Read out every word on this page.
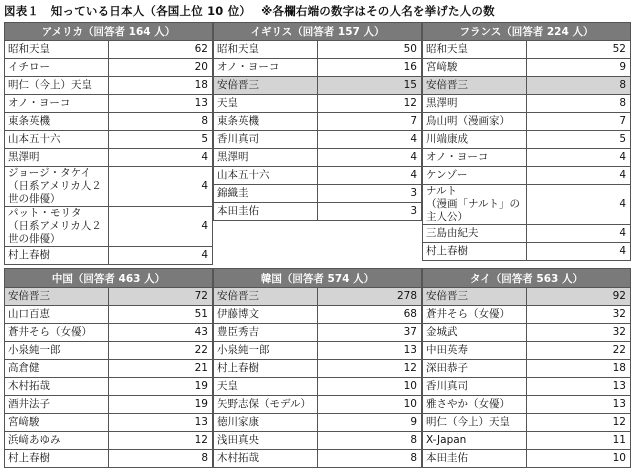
図表１　知っている日本人（各国上位 10 位） ※各欄右端の数字はその人名を挙げた人の数
アメリカ（回答者 164 人）	

昭和天皇	62

イチロー	20

明仁（今上）天皇	18

オノ・ヨーコ	13

東条英機	8

山本五十六	5

黒澤明	4

ジョージ・タケイ
（日系アメリカ人２世の俳優）	4

パット・モリタ
（日系アメリカ人２世の俳優）	4

村上春樹	4
イギリス（回答者 157 人）	

昭和天皇	50

オノ・ヨーコ	16

安倍晋三	15

天皇	12

東条英機	7

香川真司	4

黒澤明	4

山本五十六	4

錦織圭	3

本田圭佑	3
フランス（回答者 224 人）	

昭和天皇	52

宮﨑駿	9

安倍晋三	8

黒澤明	8

鳥山明（漫画家）	7

川端康成	5

オノ・ヨーコ	4

ケンゾー	4

ナルト
（漫画「ナルト」の主人公）	4

三島由紀夫	4

村上春樹	4
中国（回答者 463 人）	

安倍晋三	72

山口百恵	51

蒼井そら（女優）	43

小泉純一郎	22

高倉健	21

木村拓哉	19

酒井法子	19

宮﨑駿	13

浜﨑あゆみ	12

村上春樹	8
韓国（回答者 574 人）	

安倍晋三	278

伊藤博文	68

豊臣秀吉	37

小泉純一郎	13

村上春樹	12

天皇	10

矢野志保（モデル）	10

徳川家康	9

浅田真央	8

木村拓哉	8
タイ（回答者 563 人）	

安倍晋三	92

蒼井そら（女優）	32

金城武	32

中田英寿	22

深田恭子	18

香川真司	13

雅さやか（女優）	13

明仁（今上）天皇	12

X-Japan	11

本田圭佑	10
